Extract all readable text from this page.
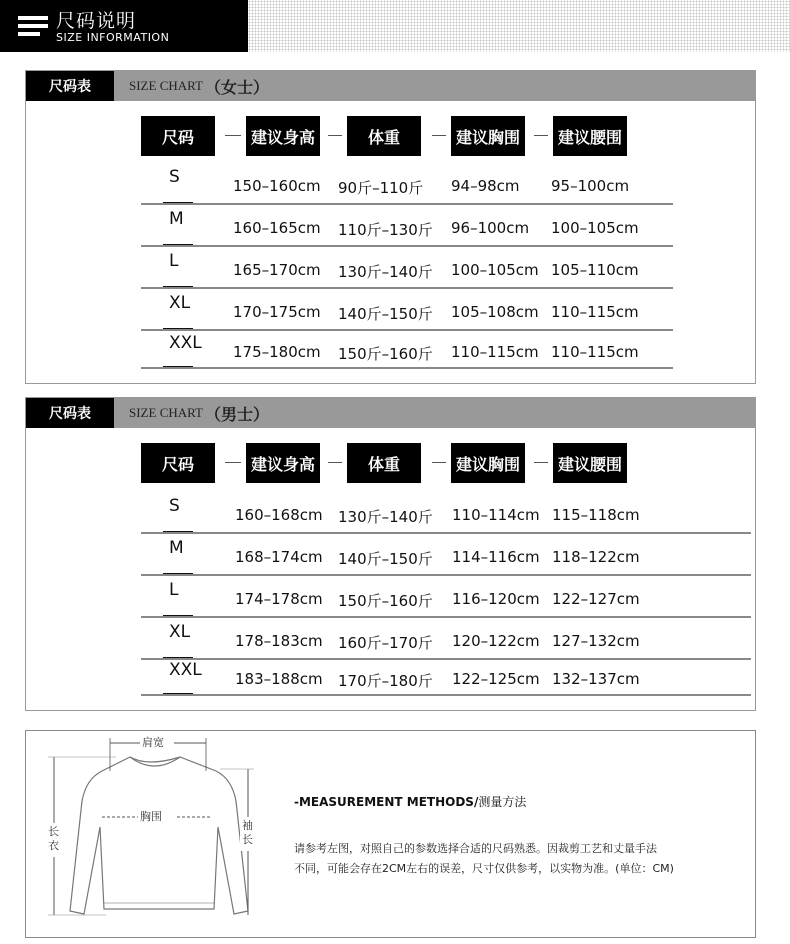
尺码说明
SIZE INFORMATION
尺码表	SIZE CHART （女士）
尺码	建议身高	体重	建议胸围	建议腰围
S	150–160cm 90斤–110斤 94–98cm 95–100cm
M	160–165cm 110斤–130斤 96–100cm 100–105cm
L	165–170cm 130斤–140斤 100–105cm 105–110cm
XL	170–175cm 140斤–150斤 105–108cm 110–115cm
XXL 175–180cm 150斤–160斤 110–115cm 110–115cm
尺码表	SIZE CHART （男士）
尺码	建议身高	体重	建议胸围	建议腰围
S	160–168cm 130斤–140斤 110–114cm 115–118cm
M	168–174cm 140斤–150斤 114–116cm 118–122cm
L	174–178cm 150斤–160斤 116–120cm 122–127cm
XL	178–183cm 160斤–170斤 120–122cm 127–132cm
XXL 183–188cm 170斤–180斤 122–125cm 132–137cm
肩宽
胸围
长衣
袖长
-MEASUREMENT METHODS/测量方法
请参考左图，对照自己的参数选择合适的尺码熟悉。因裁剪工艺和丈量手法
不同，可能会存在2CM左右的误差，尺寸仅供参考，以实物为准。(单位：CM)
